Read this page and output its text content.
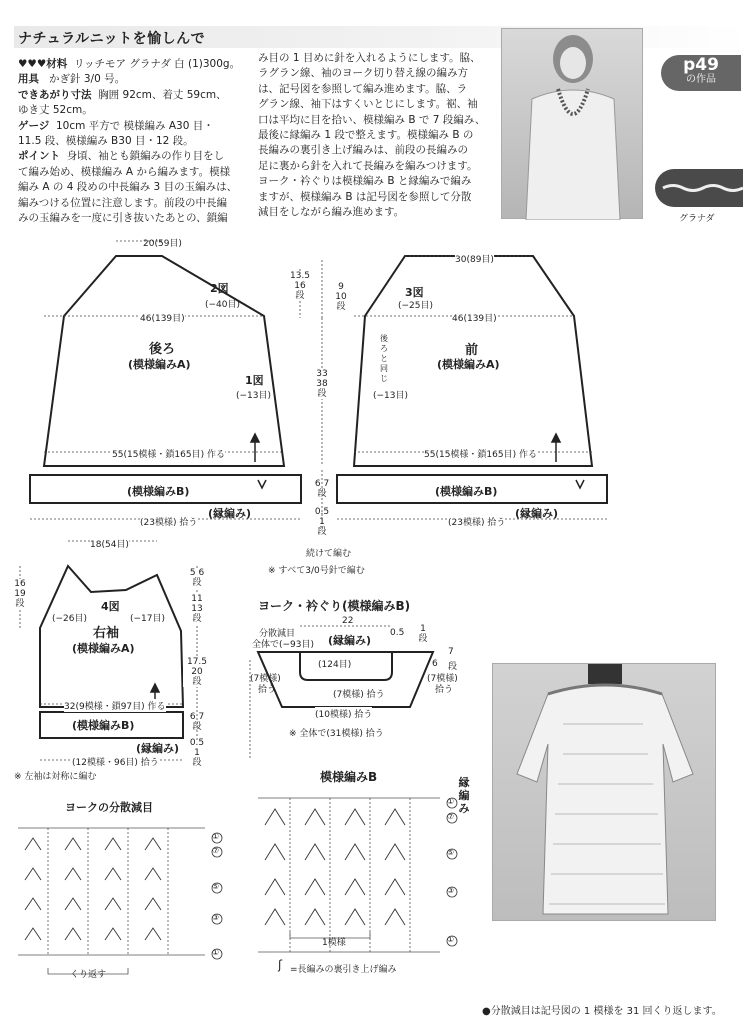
ナチュラルニットを愉しんで

♥♥♥材料 リッチモア グラナダ 白 (1)300g。

用具 かぎ針 3/0 号。

できあがり寸法 胸囲 92cm、着丈 59cm、

ゆき丈 52cm。

ゲージ 10cm 平方で 模様編み A30 目・

11.5 段、模様編み B30 目・12 段。

ポイント 身頃、袖とも鎖編みの作り目をし

て編み始め、模様編み A から編みます。模様

編み A の 4 段めの中長編み 3 目の玉編みは、

編みつける位置に注意します。前段の中長編

みの玉編みを一度に引き抜いたあとの、鎖編

み目の 1 目めに針を入れるようにします。脇、

ラグラン線、袖のヨーク切り替え線の編み方

は、記号図を参照して編み進めます。脇、ラ

グラン線、袖下はすくいとじにします。裾、袖

口は平均に目を拾い、模様編み B で 7 段編み、

最後に縁編み 1 段で整えます。模様編み B の

長編みの裏引き上げ編みは、前段の長編みの

足に裏から針を入れて長編みを編みつけます。

ヨーク・衿ぐりは模様編み B と縁編みで編み

ますが、模様編み B は記号図を参照して分散

減目をしながら編み進めます。

p49
の作品
グラナダ
20(59目)
2図
(−40目)
46(139目)
後ろ
(模様編みA)
1図
(−13目)
55(15模様・鎖165目) 作る
(模様編みB)
(縁編み)
(23模様) 拾う
30(89目)
3図
(−25目)
46(139目)
前
(模様編みA)
後ろと同じ
(−13目)
55(15模様・鎖165目) 作る
(模様編みB)
(縁編み)
(23模様) 拾う
13.5
16
段
9
10
段
33
38
段
6 7
段
0.5
1
段
続けて編む
※ すべて3/0号針で編む
18(54目)
4図
(−26目)	(−17目)
右袖
(模様編みA)
32(9模様・鎖97目) 作る
(模様編みB)
(縁編み)
(12模様・96目) 拾う
※ 左袖は対称に編む
16
19
段
5 6
段
11
13
段
17.5
20
段
6 7
段
0.5
1
段
ヨーク・衿ぐり(模様編みB)
分散減目
全体で(−93目)
22
(縁編み)
0.5	1
段
(124目)
(7模様)
拾う	(7模様) 拾う
(7模様)
拾う
(10模様) 拾う
※ 全体で(31模様) 拾う
6
7
段
ヨークの分散減目
くり返す
①
⑦
⑤
③
①
模様編みB	縁編み
1模様
=長編みの裏引き上げ編み
ʃ
①
⑦
⑤
③
①
●分散減目は記号図の 1 模様を 31 回くり返します。
